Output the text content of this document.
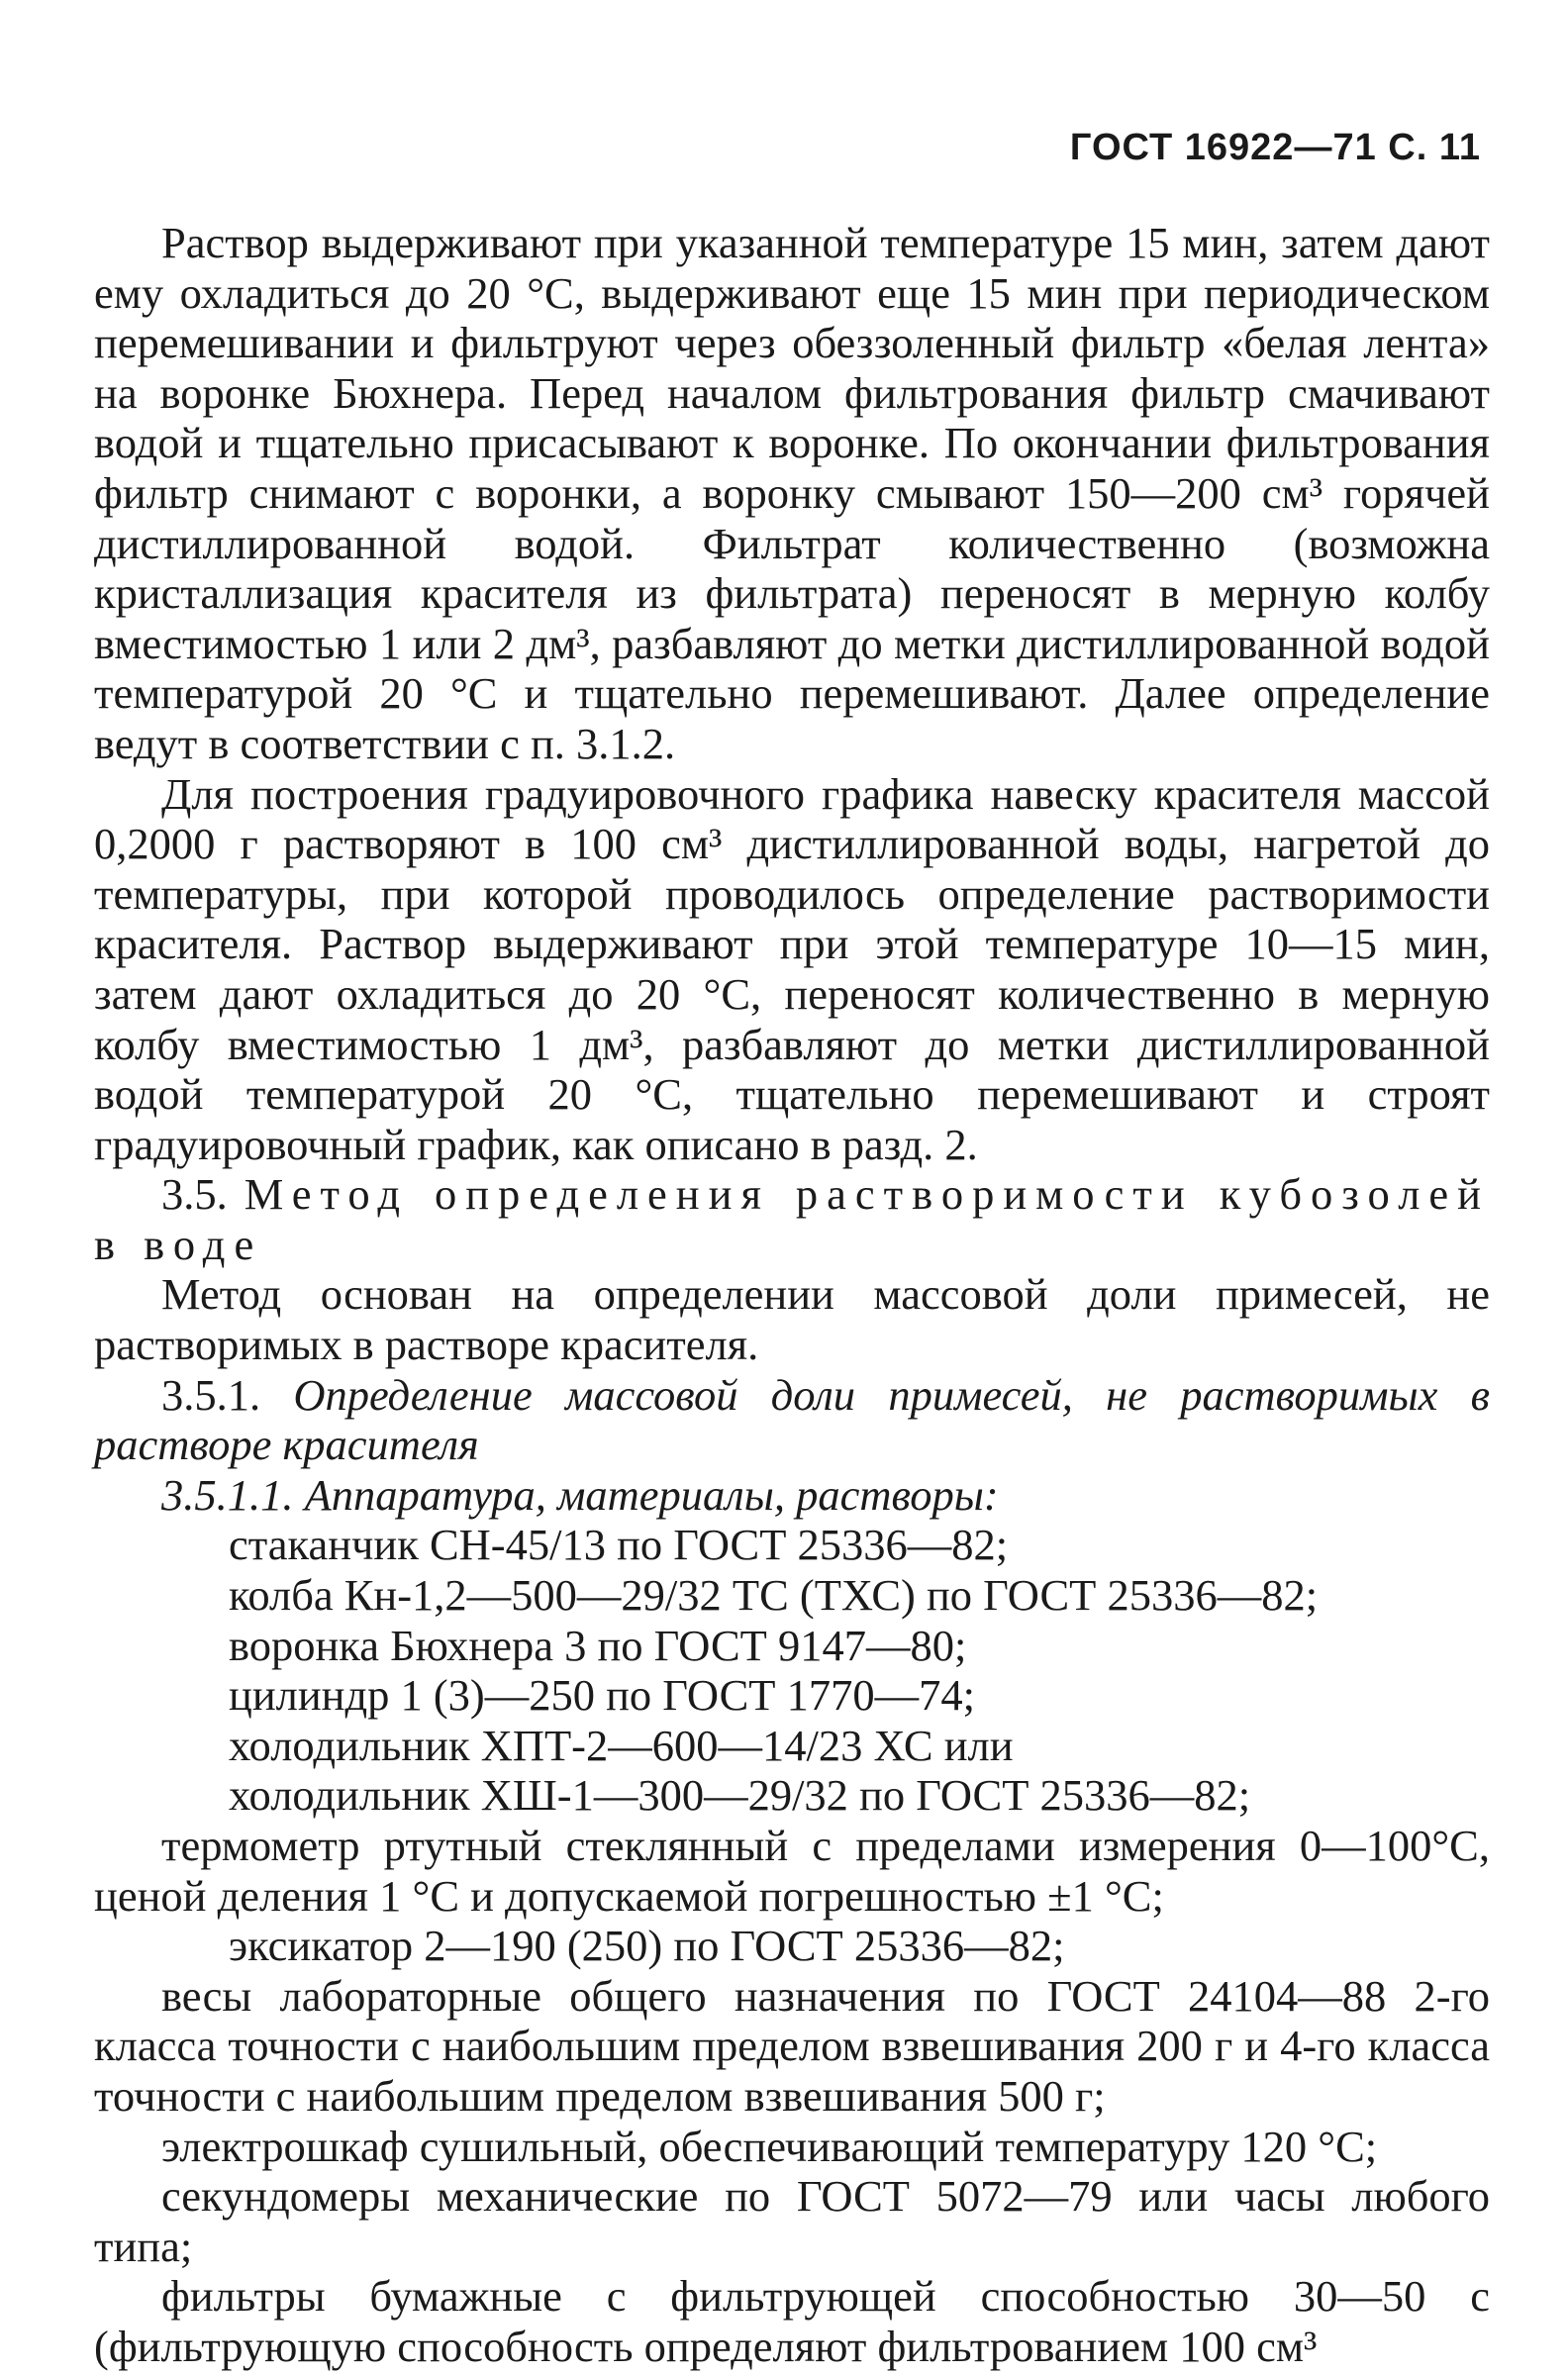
ГОСТ 16922—71 С. 11

Раствор выдерживают при указанной температуре 15 мин, затем дают ему охладиться до 20 °С, выдерживают еще 15 мин при периодическом перемешивании и фильтруют через обеззоленный фильтр «белая лента» на воронке Бюхнера. Перед началом фильтрования фильтр смачивают водой и тщательно присасывают к воронке. По окончании фильтрования фильтр снимают с воронки, а воронку смывают 150—200 см³ горячей дистиллированной водой. Фильтрат количественно (возможна кристаллизация красителя из фильтрата) переносят в мерную колбу вместимостью 1 или 2 дм³, разбавляют до метки дистиллированной водой температурой 20 °С и тщательно перемешивают. Далее определение ведут в соответствии с п. 3.1.2.

Для построения градуировочного графика навеску красителя массой 0,2000 г растворяют в 100 см³ дистиллированной воды, нагретой до температуры, при которой проводилось определение растворимости красителя. Раствор выдерживают при этой температуре 10—15 мин, затем дают охладиться до 20 °С, переносят количественно в мерную колбу вместимостью 1 дм³, разбавляют до метки дистиллированной водой температурой 20 °С, тщательно перемешивают и строят градуировочный график, как описано в разд. 2.

3.5. Метод определения растворимости кубозолей в воде

Метод основан на определении массовой доли примесей, не растворимых в растворе красителя.

3.5.1. Определение массовой доли примесей, не растворимых в растворе красителя

3.5.1.1. Аппаратура, материалы, растворы:

стаканчик СН-45/13 по ГОСТ 25336—82;

колба Кн-1,2—500—29/32 ТС (ТХС) по ГОСТ 25336—82;

воронка Бюхнера 3 по ГОСТ 9147—80;

цилиндр 1 (3)—250 по ГОСТ 1770—74;

холодильник ХПТ-2—600—14/23 ХС или

холодильник ХШ-1—300—29/32 по ГОСТ 25336—82;

термометр ртутный стеклянный с пределами измерения 0—100°С, ценой деления 1 °С и допускаемой погрешностью ±1 °С;

эксикатор 2—190 (250) по ГОСТ 25336—82;

весы лабораторные общего назначения по ГОСТ 24104—88 2-го класса точности с наибольшим пределом взвешивания 200 г и 4-го класса точности с наибольшим пределом взвешивания 500 г;

электрошкаф сушильный, обеспечивающий температуру 120 °С;

секундомеры механические по ГОСТ 5072—79 или часы любого типа;

фильтры бумажные с фильтрующей способностью 30—50 с (фильтрующую способность определяют фильтрованием 100 см³
